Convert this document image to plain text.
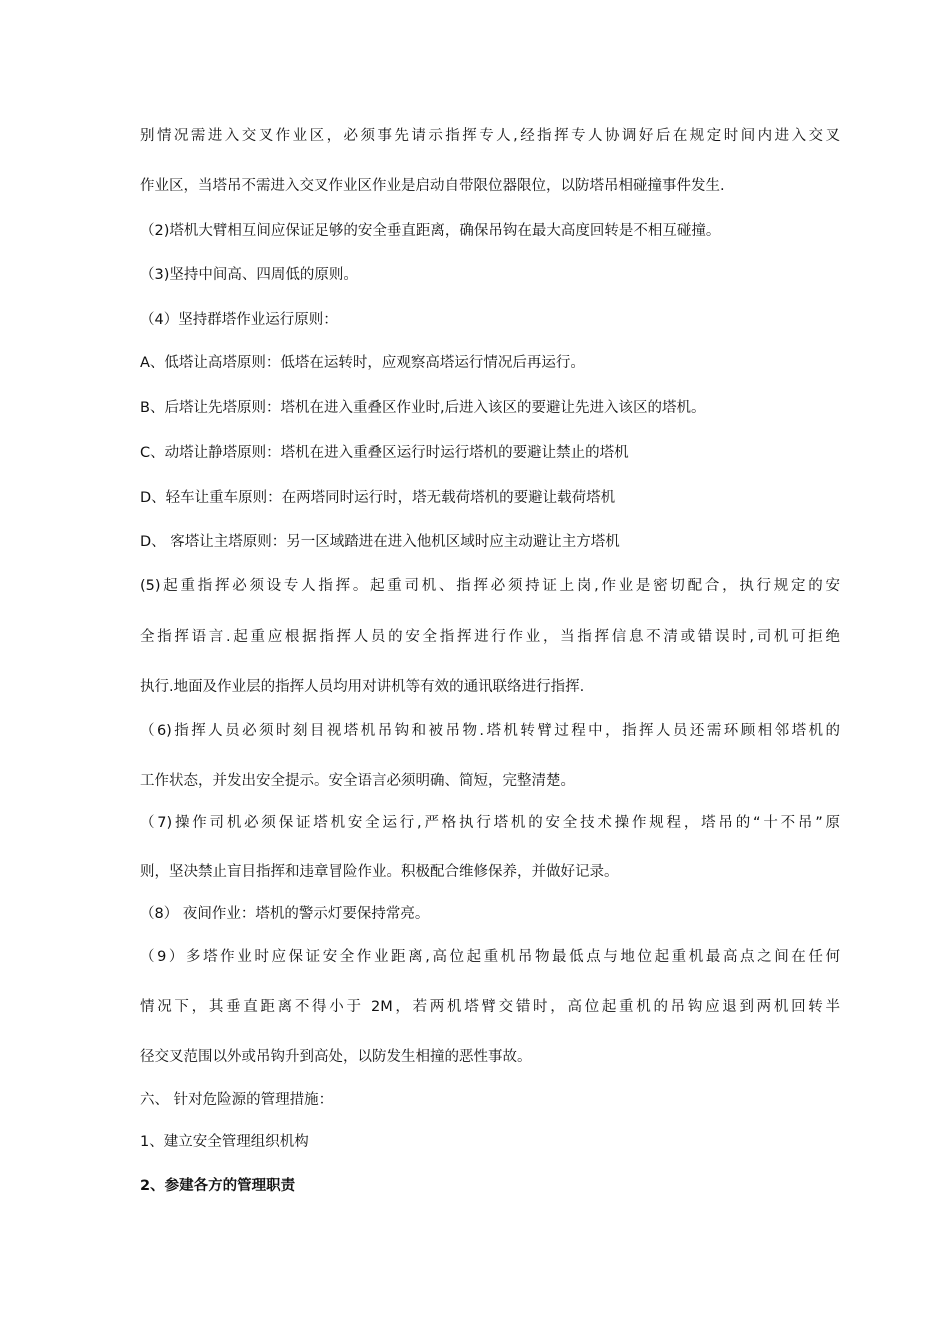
别情况需进入交叉作业区，必须事先请示指挥专人,经指挥专人协调好后在规定时间内进入交叉
作业区，当塔吊不需进入交叉作业区作业是启动自带限位器限位，以防塔吊相碰撞事件发生.
（2)塔机大臂相互间应保证足够的安全垂直距离，确保吊钩在最大高度回转是不相互碰撞。
（3)坚持中间高、四周低的原则。
（4）坚持群塔作业运行原则：
A、低塔让高塔原则：低塔在运转时，应观察高塔运行情况后再运行。
B、后塔让先塔原则：塔机在进入重叠区作业时,后进入该区的要避让先进入该区的塔机。
C、动塔让静塔原则：塔机在进入重叠区运行时运行塔机的要避让禁止的塔机
D、轻车让重车原则：在两塔同时运行时，塔无载荷塔机的要避让载荷塔机
D、 客塔让主塔原则：另一区域踏进在进入他机区域时应主动避让主方塔机
(5)起重指挥必须设专人指挥。起重司机、指挥必须持证上岗,作业是密切配合，执行规定的安
全指挥语言.起重应根据指挥人员的安全指挥进行作业，当指挥信息不清或错误时,司机可拒绝
执行.地面及作业层的指挥人员均用对讲机等有效的通讯联络进行指挥.
（6)指挥人员必须时刻目视塔机吊钩和被吊物.塔机转臂过程中，指挥人员还需环顾相邻塔机的
工作状态，并发出安全提示。安全语言必须明确、简短，完整清楚。
（7)操作司机必须保证塔机安全运行,严格执行塔机的安全技术操作规程，塔吊的“十不吊”原
则，坚决禁止盲目指挥和违章冒险作业。积极配合维修保养，并做好记录。
（8） 夜间作业：塔机的警示灯要保持常亮。
（9）多塔作业时应保证安全作业距离,高位起重机吊物最低点与地位起重机最高点之间在任何
情况下，其垂直距离不得小于 2M，若两机塔臂交错时，高位起重机的吊钩应退到两机回转半
径交叉范围以外或吊钩升到高处，以防发生相撞的恶性事故。
六、 针对危险源的管理措施：
1、建立安全管理组织机构
2、参建各方的管理职责
